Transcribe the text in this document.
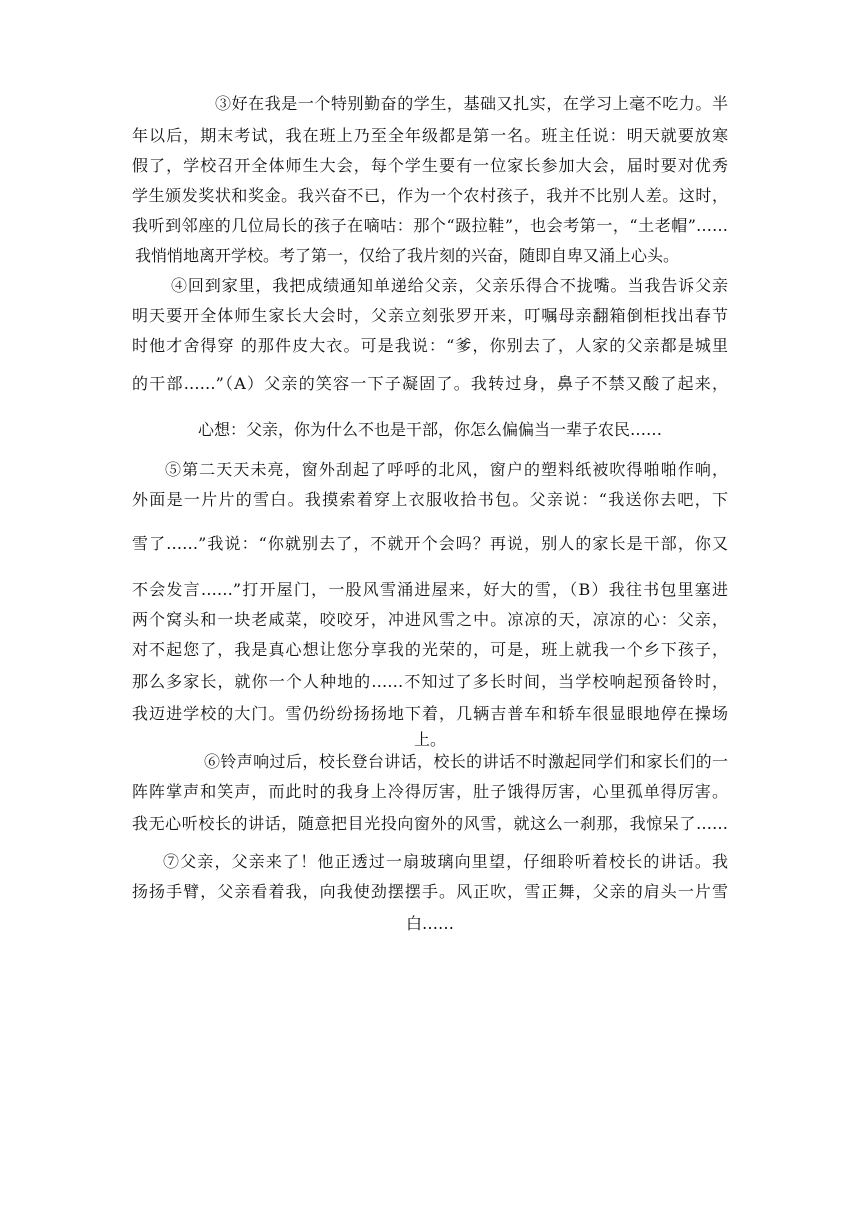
③好在我是一个特别勤奋的学生，基础又扎实，在学习上毫不吃力。半
年以后，期末考试，我在班上乃至全年级都是第一名。班主任说：明天就要放寒
假了，学校召开全体师生大会，每个学生要有一位家长参加大会，届时要对优秀
学生颁发奖状和奖金。我兴奋不已，作为一个农村孩子，我并不比别人差。这时，
我听到邻座的几位局长的孩子在嘀咕：那个“趿拉鞋”，也会考第一，“土老帽”……
我悄悄地离开学校。考了第一，仅给了我片刻的兴奋，随即自卑又涌上心头。
④回到家里，我把成绩通知单递给父亲，父亲乐得合不拢嘴。当我告诉父亲
明天要开全体师生家长大会时，父亲立刻张罗开来，叮嘱母亲翻箱倒柜找出春节
时他才舍得穿 的那件皮大衣。可是我说：“爹，你别去了，人家的父亲都是城里
的干部……”（A）父亲的笑容一下子凝固了。我转过身，鼻子不禁又酸了起来，
心想：父亲，你为什么不也是干部，你怎么偏偏当一辈子农民……
⑤第二天天未亮，窗外刮起了呼呼的北风，窗户的塑料纸被吹得啪啪作响，
外面是一片片的雪白。我摸索着穿上衣服收拾书包。父亲说：“我送你去吧，下
雪了……”我说：“你就别去了，不就开个会吗？再说，别人的家长是干部，你又
不会发言……”打开屋门，一股风雪涌进屋来，好大的雪，（B）我往书包里塞进
两个窝头和一块老咸菜，咬咬牙，冲进风雪之中。凉凉的天，凉凉的心：父亲，
对不起您了，我是真心想让您分享我的光荣的，可是，班上就我一个乡下孩子，
那么多家长，就你一个人种地的……不知过了多长时间，当学校响起预备铃时，
我迈进学校的大门。雪仍纷纷扬扬地下着，几辆吉普车和轿车很显眼地停在操场
上。
⑥铃声响过后，校长登台讲话，校长的讲话不时激起同学们和家长们的一
阵阵掌声和笑声，而此时的我身上冷得厉害，肚子饿得厉害，心里孤单得厉害。
我无心听校长的讲话，随意把目光投向窗外的风雪，就这么一刹那，我惊呆了……
⑦父亲，父亲来了！他正透过一扇玻璃向里望，仔细聆听着校长的讲话。我
扬扬手臂，父亲看着我，向我使劲摆摆手。风正吹，雪正舞，父亲的肩头一片雪
白……
